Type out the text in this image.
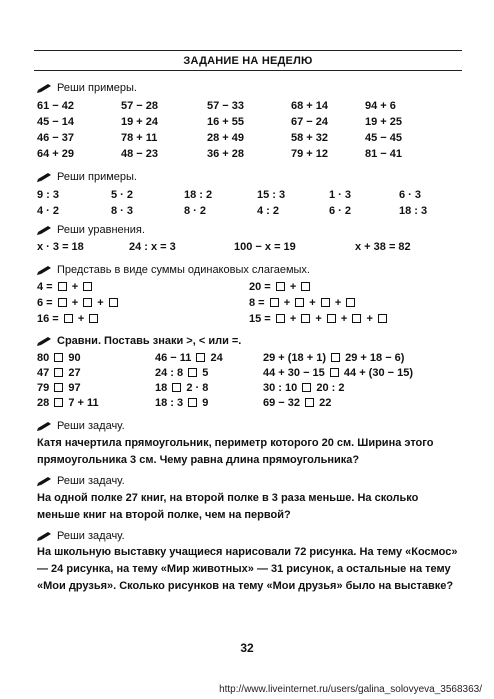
ЗАДАНИЕ НА НЕДЕЛЮ
Реши примеры.
61 − 42	57 − 28	57 − 33	68 + 14	94 + 6
45 − 14	19 + 24	16 + 55	67 − 24	19 + 25
46 − 37	78 + 11	28 + 49	58 + 32	45 − 45
64 + 29	48 − 23	36 + 28	79 + 12	81 − 41
Реши примеры.
9 : 3	5 · 2	18 : 2	15 : 3	1 · 3	6 · 3
4 · 2	8 · 3	8 · 2	4 : 2	6 · 2	18 : 3
Реши уравнения.
x · 3 = 18	24 : x = 3	100 − x = 19	x + 38 = 82
Представь в виде суммы одинаковых слагаемых.
4 =  +	20 =  +
6 =  +  +	8 =  +  +  +
16 =  +	15 =  +  +  +  +
Сравни. Поставь знаки >, < или =.
80 90	46 − 11 24	29 + (18 + 1) 29 + 18 − 6)
47 27	24 : 8 5	44 + 30 − 15 44 + (30 − 15)
79 97	18 2 · 8	30 : 10 20 : 2
28 7 + 11	18 : 3 9	69 − 32 22
Реши задачу.
Катя начертила прямоугольник, периметр которого 20 см. Ширина этого прямоугольника 3 см. Чему равна длина прямоугольника?
Реши задачу.
На одной полке 27 книг, на второй полке в 3 раза меньше. На сколько меньше книг на второй полке, чем на первой?
Реши задачу.
На школьную выставку учащиеся нарисовали 72 рисунка. На тему «Космос» — 24 рисунка, на тему «Мир животных» — 31 рисунок, а остальные на тему «Мои друзья». Сколько рисунков на тему «Мои друзья» было на выставке?
32
http://www.liveinternet.ru/users/galina_solovyeva_3568363/
